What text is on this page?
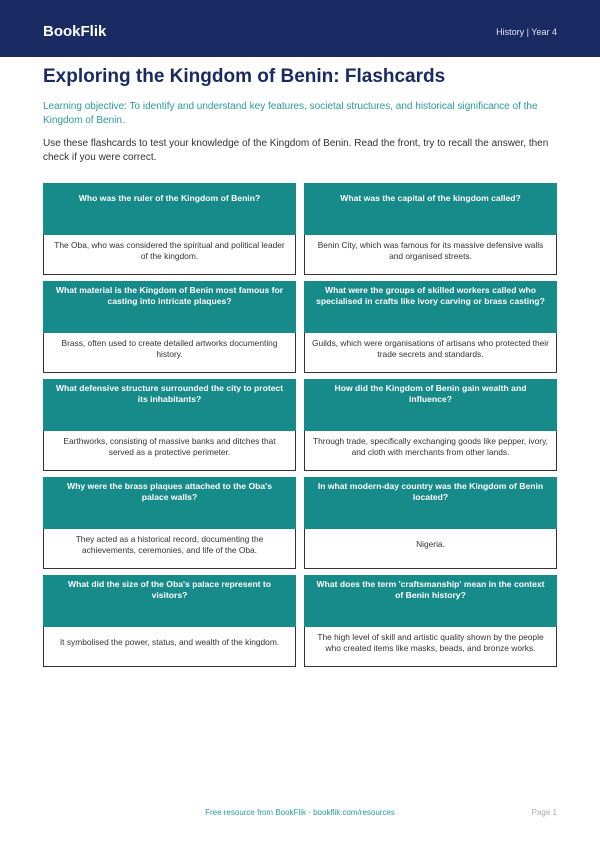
BookFlik	History | Year 4
Exploring the Kingdom of Benin: Flashcards
Learning objective: To identify and understand key features, societal structures, and historical significance of the Kingdom of Benin.
Use these flashcards to test your knowledge of the Kingdom of Benin. Read the front, try to recall the answer, then check if you were correct.
Who was the ruler of the Kingdom of Benin?
The Oba, who was considered the spiritual and political leader of the kingdom.
What was the capital of the kingdom called?
Benin City, which was famous for its massive defensive walls and organised streets.
What material is the Kingdom of Benin most famous for casting into intricate plaques?
Brass, often used to create detailed artworks documenting history.
What were the groups of skilled workers called who specialised in crafts like ivory carving or brass casting?
Guilds, which were organisations of artisans who protected their trade secrets and standards.
What defensive structure surrounded the city to protect its inhabitants?
Earthworks, consisting of massive banks and ditches that served as a protective perimeter.
How did the Kingdom of Benin gain wealth and influence?
Through trade, specifically exchanging goods like pepper, ivory, and cloth with merchants from other lands.
Why were the brass plaques attached to the Oba's palace walls?
They acted as a historical record, documenting the achievements, ceremonies, and life of the Oba.
In what modern-day country was the Kingdom of Benin located?
Nigeria.
What did the size of the Oba's palace represent to visitors?
It symbolised the power, status, and wealth of the kingdom.
What does the term 'craftsmanship' mean in the context of Benin history?
The high level of skill and artistic quality shown by the people who created items like masks, beads, and bronze works.
Free resource from BookFlik · bookflik.com/resources	Page 1
